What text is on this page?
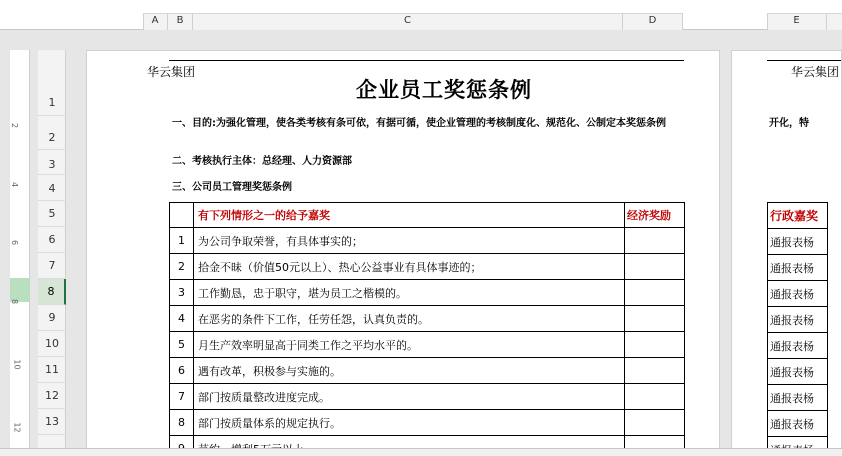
A	B	C	D	E
2
4
6
8
10
12
1
2
3
4
5
6
7
8
9
10
11
12
13
华云集团
企业员工奖惩条例
一、目的:为强化管理，使各类考核有条可依，有据可循，使企业管理的考核制度化、规范化、公制定本奖惩条例
二、考核执行主体：总经理、人力资源部
三、公司员工管理奖惩条例
	有下列情形之一的给予嘉奖	经济奖励
1	为公司争取荣誉，有具体事实的；	
2	拾金不昧（价值50元以上）、热心公益事业有具体事迹的；	
3	工作勤恳，忠于职守，堪为员工之楷模的。	
4	在恶劣的条件下工作，任劳任怨，认真负责的。	
5	月生产效率明显高于同类工作之平均水平的。	
6	遇有改革，积极参与实施的。	
7	部门按质量整改进度完成。	
8	部门按质量体系的规定执行。	

华云集团
开化，特
行政嘉奖
通报表杨
通报表杨
通报表杨
通报表杨
通报表杨
通报表杨
通报表杨
通报表杨
